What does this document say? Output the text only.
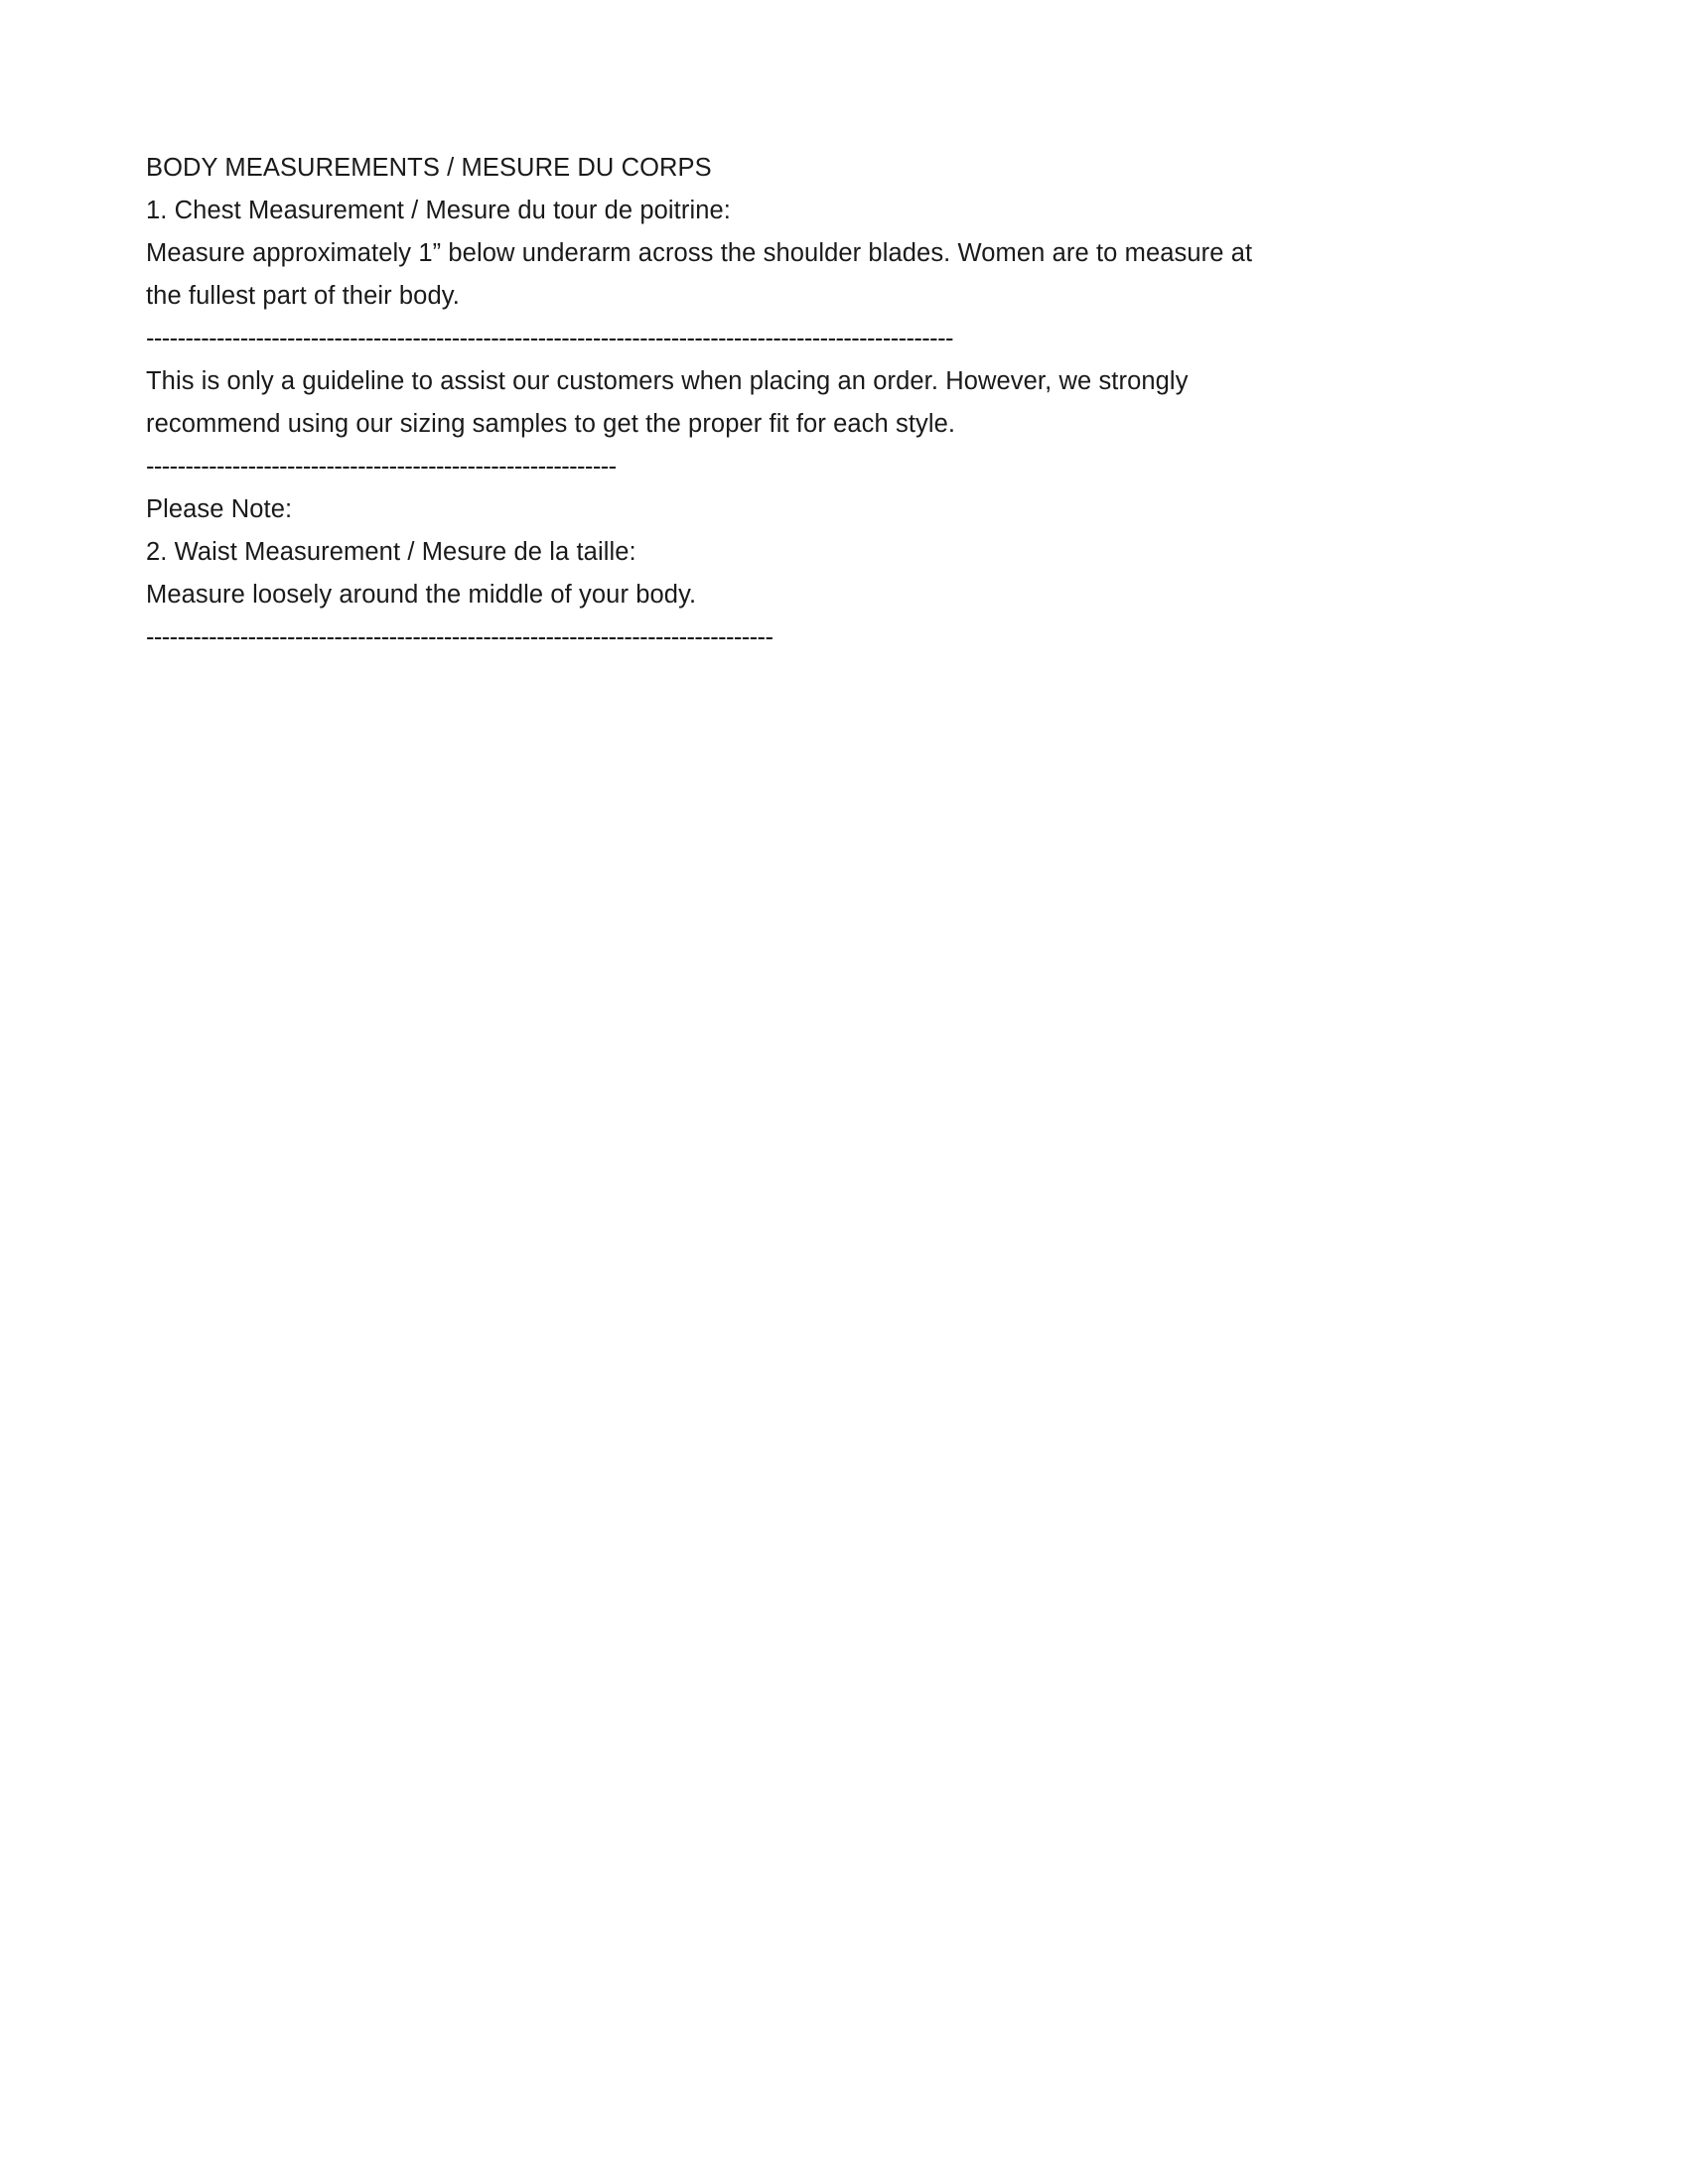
BODY MEASUREMENTS / MESURE DU CORPS
1. Chest Measurement / Mesure du tour de poitrine:
Measure approximately 1” below underarm across the shoulder blades. Women are to measure at the fullest part of their body.
-------------------------------------------------------------------------------------------------------
This is only a guideline to assist our customers when placing an order. However, we strongly recommend using our sizing samples to get the proper fit for each style.
------------------------------------------------------------
Please Note:
2. Waist Measurement / Mesure de la taille:
Measure loosely around the middle of your body.
--------------------------------------------------------------------------------
